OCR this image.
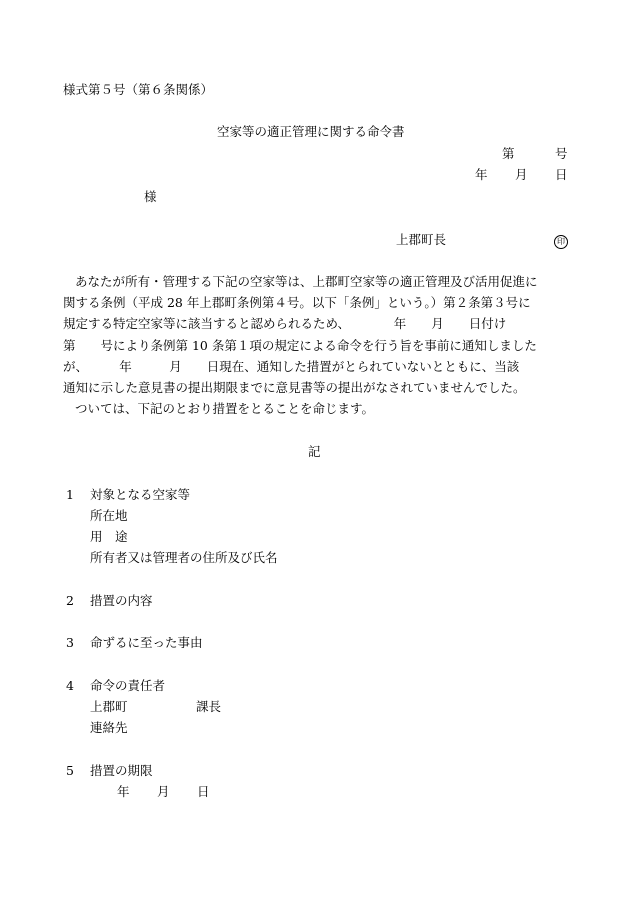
様式第５号（第６条関係）
空家等の適正管理に関する命令書
第	号
年 月 日
様
上郡町長	印
あなたが所有・管理する下記の空家等は、上郡町空家等の適正管理及び活用促進に
関する条例（平成 28 年上郡町条例第４号。以下「条例」という。）第２条第３号に
規定する特定空家等に該当すると認められるため、　　　　年　　月　　日付け
第　　号により条例第 10 条第１項の規定による命令を行う旨を事前に通知しました
が、　　　年　　　月　　日現在、通知した措置がとられていないとともに、当該
通知に示した意見書の提出期限までに意見書等の提出がなされていませんでした。
ついては、下記のとおり措置をとることを命じます。
記
1 対象となる空家等
所在地
用　途
所有者又は管理者の住所及び氏名
2 措置の内容
3 命ずるに至った事由
4 命令の責任者
上郡町	課長
連絡先
5 措置の期限
年 月 日
